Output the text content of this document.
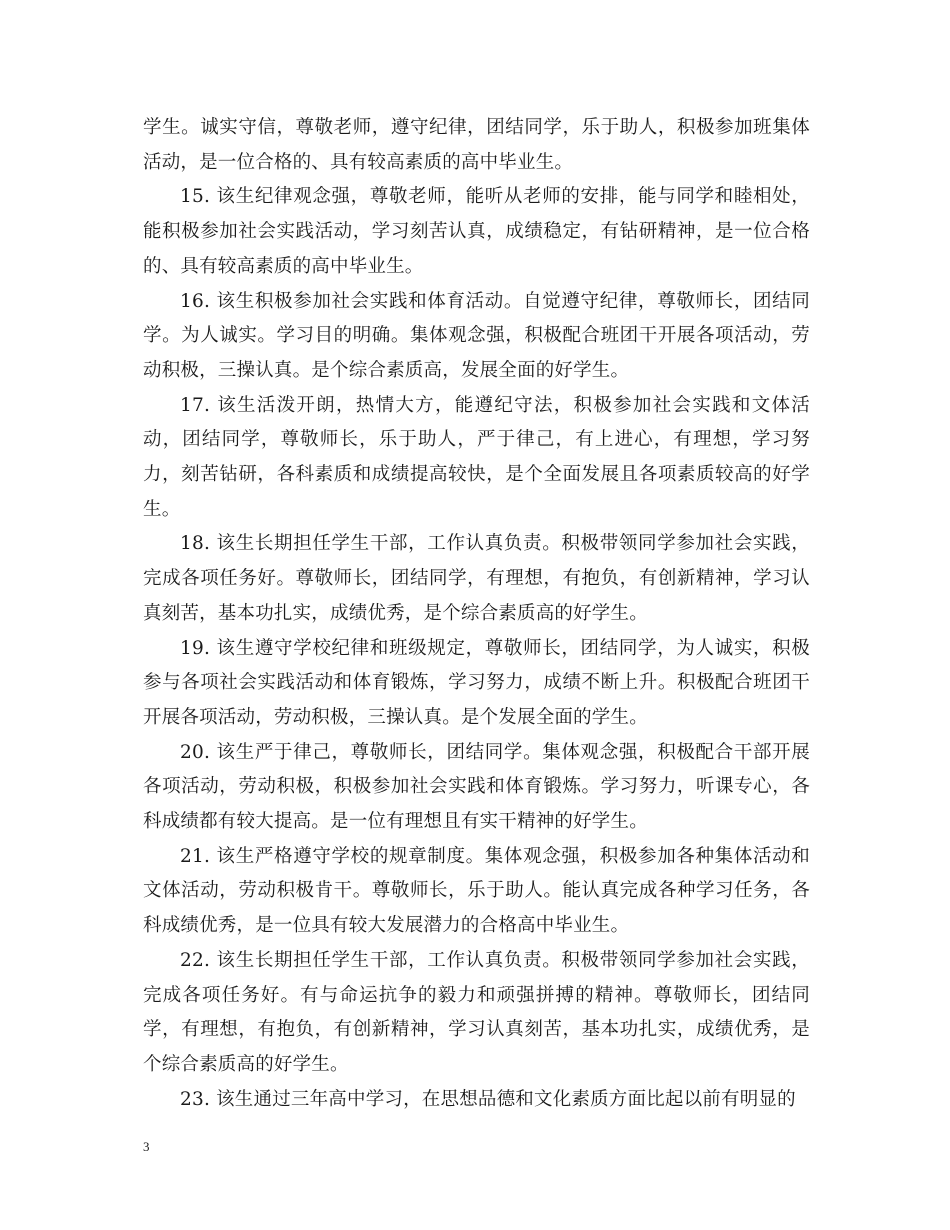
学生。诚实守信，尊敬老师，遵守纪律，团结同学，乐于助人，积极参加班集体活动，是一位合格的、具有较高素质的高中毕业生。

15. 该生纪律观念强，尊敬老师，能听从老师的安排，能与同学和睦相处，能积极参加社会实践活动，学习刻苦认真，成绩稳定，有钻研精神，是一位合格的、具有较高素质的高中毕业生。

16. 该生积极参加社会实践和体育活动。自觉遵守纪律，尊敬师长，团结同学。为人诚实。学习目的明确。集体观念强，积极配合班团干开展各项活动，劳动积极，三操认真。是个综合素质高，发展全面的好学生。

17. 该生活泼开朗，热情大方，能遵纪守法，积极参加社会实践和文体活动，团结同学，尊敬师长，乐于助人，严于律己，有上进心，有理想，学习努力，刻苦钻研，各科素质和成绩提高较快，是个全面发展且各项素质较高的好学生。

18. 该生长期担任学生干部，工作认真负责。积极带领同学参加社会实践，完成各项任务好。尊敬师长，团结同学，有理想，有抱负，有创新精神，学习认真刻苦，基本功扎实，成绩优秀，是个综合素质高的好学生。

19. 该生遵守学校纪律和班级规定，尊敬师长，团结同学，为人诚实，积极参与各项社会实践活动和体育锻炼，学习努力，成绩不断上升。积极配合班团干开展各项活动，劳动积极，三操认真。是个发展全面的学生。

20. 该生严于律己，尊敬师长，团结同学。集体观念强，积极配合干部开展各项活动，劳动积极，积极参加社会实践和体育锻炼。学习努力，听课专心，各科成绩都有较大提高。是一位有理想且有实干精神的好学生。

21. 该生严格遵守学校的规章制度。集体观念强，积极参加各种集体活动和文体活动，劳动积极肯干。尊敬师长，乐于助人。能认真完成各种学习任务，各科成绩优秀，是一位具有较大发展潜力的合格高中毕业生。

22. 该生长期担任学生干部，工作认真负责。积极带领同学参加社会实践，完成各项任务好。有与命运抗争的毅力和顽强拼搏的精神。尊敬师长，团结同学，有理想，有抱负，有创新精神，学习认真刻苦，基本功扎实，成绩优秀，是个综合素质高的好学生。

23. 该生通过三年高中学习，在思想品德和文化素质方面比起以前有明显的

3
